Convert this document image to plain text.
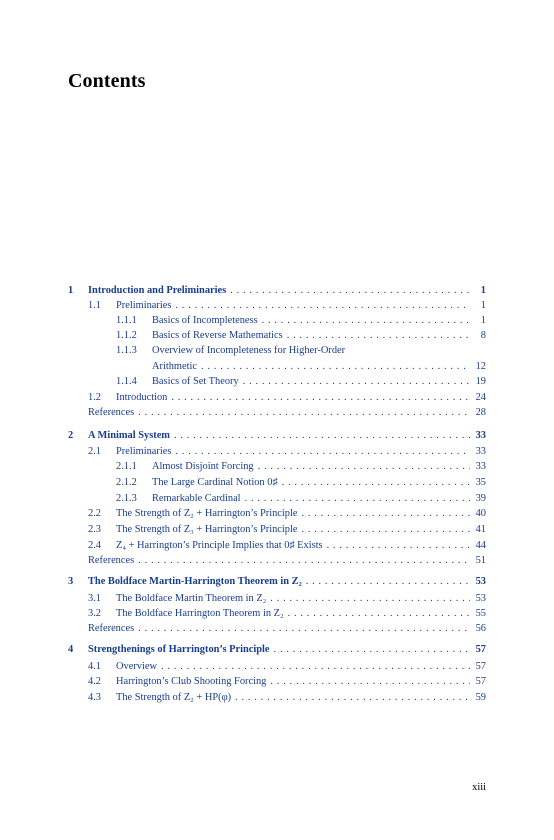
Contents
1 Introduction and Preliminaries	1
. . .
1.1 Preliminaries	1
. . .
1.1.1 Basics of Incompleteness	1
. . .
1.1.2 Basics of Reverse Mathematics	8
. . .
1.1.3 Overview of Incompleteness for Higher-Order
Arithmetic	12
. . .
1.1.4 Basics of Set Theory	19
. . .
1.2 Introduction	24
. . .
References	28
. . .
2 A Minimal System	33
. . .
2.1 Preliminaries	33
. . .
2.1.1 Almost Disjoint Forcing	33
. . .
2.1.2 The Large Cardinal Notion 0♯	35
. . .
2.1.3 Remarkable Cardinal	39
. . .
2.2 The Strength of Z₂ + Harrington’s Principle	40
. . .
2.3 The Strength of Z₃ + Harrington’s Principle	41
. . .
2.4 Z₄ + Harrington’s Principle Implies that 0♯ Exists	44
. . .
References	51
. . .
3 The Boldface Martin-Harrington Theorem in Z₂	53
. . .
3.1 The Boldface Martin Theorem in Z₂	53
. . .
3.2 The Boldface Harrington Theorem in Z₂	55
. . .
References	56
. . .
4 Strengthenings of Harrington’s Principle	57
. . .
4.1 Overview	57
. . .
4.2 Harrington’s Club Shooting Forcing	57
. . .
4.3 The Strength of Z₂ + HP(φ)	59
. . .
xiii
